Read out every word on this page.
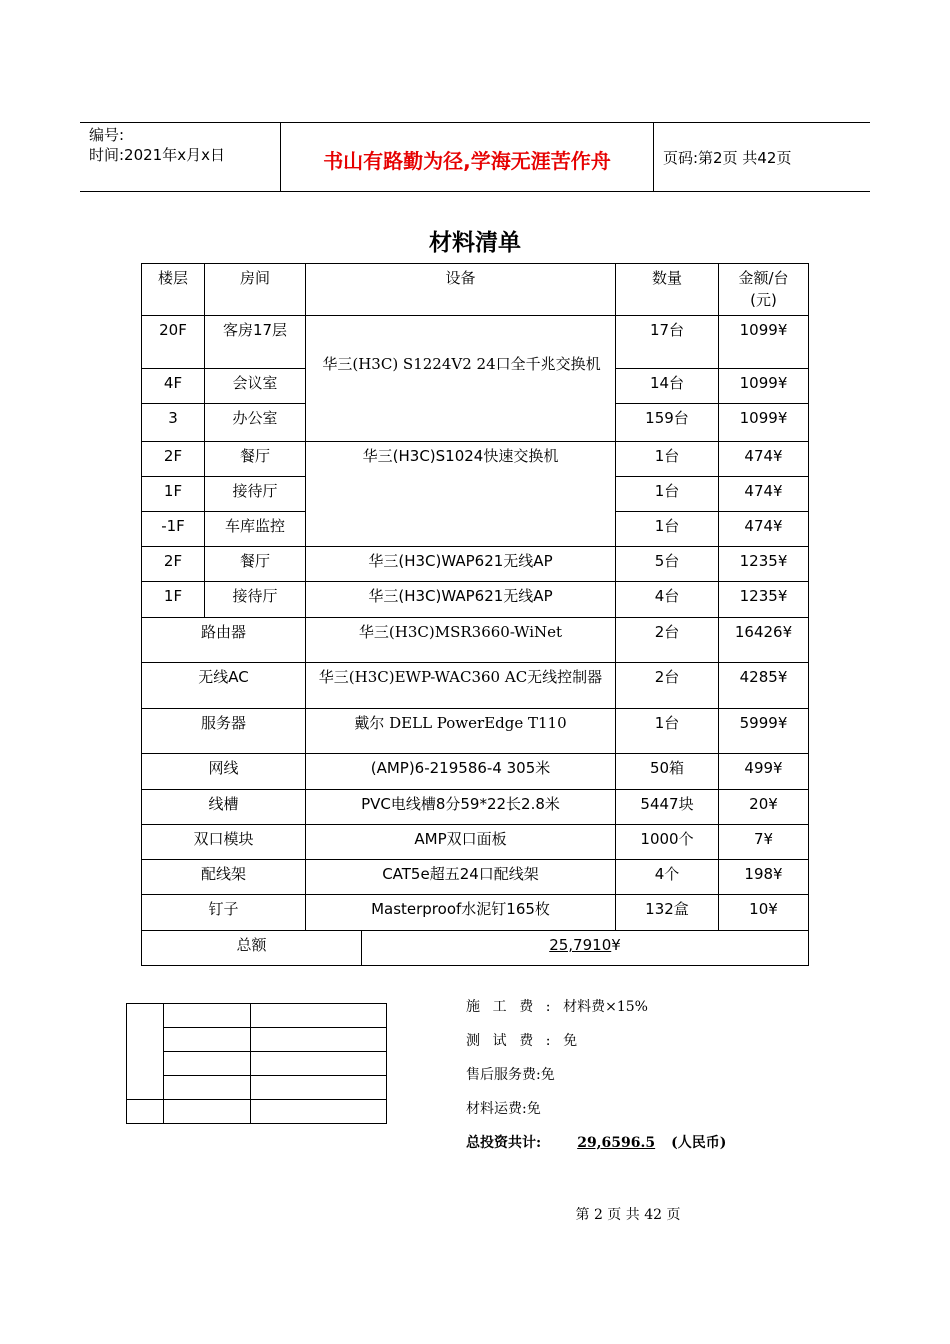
编号:
时间:2021年x月x日	书山有路勤为径,学海无涯苦作舟	页码:第2页 共42页
材料清单
楼层	房间	设备		数量	金额/台
(元)
20F	客房17层	华三(H3C) S1224V2 24口全千兆交换机		17台	1099¥
4F	会议室			14台	1099¥
3	办公室			159台	1099¥
2F	餐厅	华三(H3C)S1024快速交换机		1台	474¥
1F	接待厅			1台	474¥
-1F	车库监控			1台	474¥
2F	餐厅	华三(H3C)WAP621无线AP		5台	1235¥
1F	接待厅	华三(H3C)WAP621无线AP		4台	1235¥
路由器		华三(H3C)MSR3660-WiNet		2台	16426¥
无线AC		华三(H3C)EWP-WAC360 AC无线控制器		2台	4285¥
服务器		戴尔 DELL PowerEdge T110		1台	5999¥
网线		(AMP)6-219586-4 305米		50箱	499¥
线槽		PVC电线槽8分59*22长2.8米		5447块	20¥
双口模块		AMP双口面板		1000个	7¥
配线架		CAT5e超五24口配线架		4个	198¥
钉子		Masterproof水泥钉165枚		132盒	10¥
总额			25,7910¥		

施工费:材料费×15%
测试费:免
售后服务费:免
材料运费:免
总投资共计:	29,6596.5 (人民币)
第 2 页 共 42 页
